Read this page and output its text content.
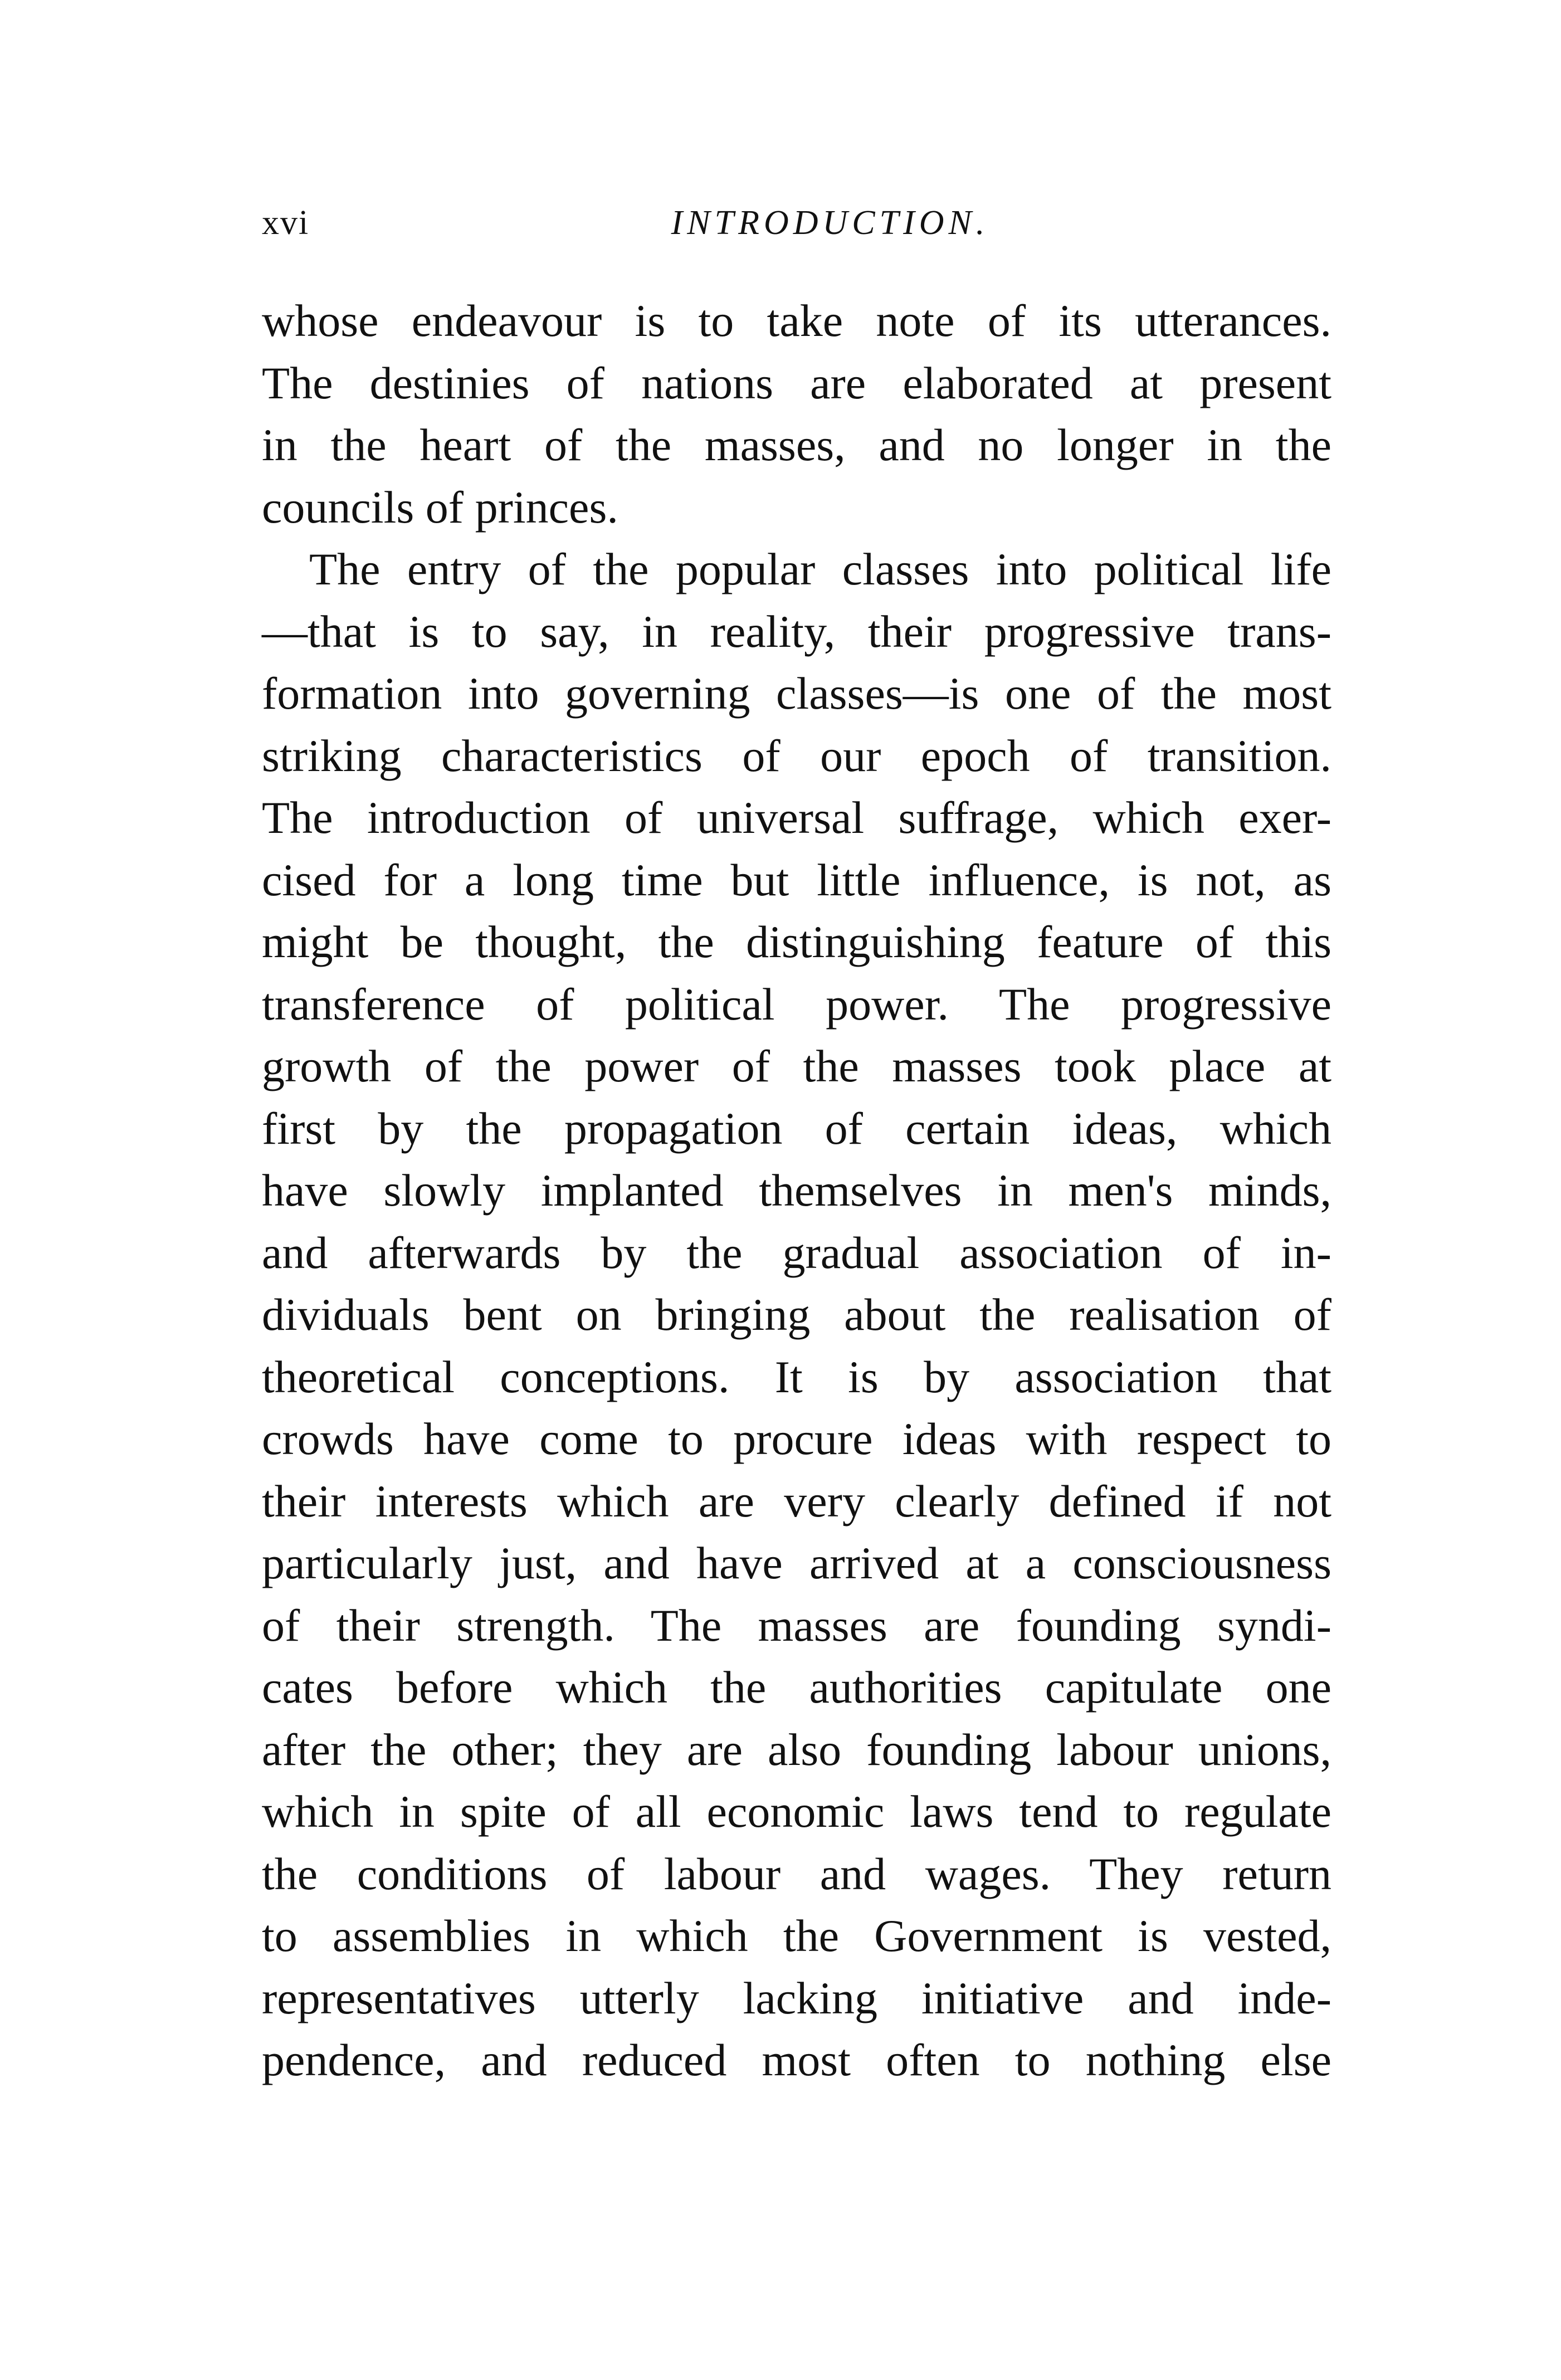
xvi	INTRODUCTION.
whose endeavour is to take note of its utterances.
The destinies of nations are elaborated at present
in the heart of the masses, and no longer in the
councils of princes.
The entry of the popular classes into political life
—that is to say, in reality, their progressive trans-
formation into governing classes—is one of the most
striking characteristics of our epoch of transition.
The introduction of universal suffrage, which exer-
cised for a long time but little influence, is not, as
might be thought, the distinguishing feature of this
transference of political power. The progressive
growth of the power of the masses took place at
first by the propagation of certain ideas, which
have slowly implanted themselves in men's minds,
and afterwards by the gradual association of in-
dividuals bent on bringing about the realisation of
theoretical conceptions. It is by association that
crowds have come to procure ideas with respect to
their interests which are very clearly defined if not
particularly just, and have arrived at a consciousness
of their strength. The masses are founding syndi-
cates before which the authorities capitulate one
after the other; they are also founding labour unions,
which in spite of all economic laws tend to regulate
the conditions of labour and wages. They return
to assemblies in which the Government is vested,
representatives utterly lacking initiative and inde-
pendence, and reduced most often to nothing else
